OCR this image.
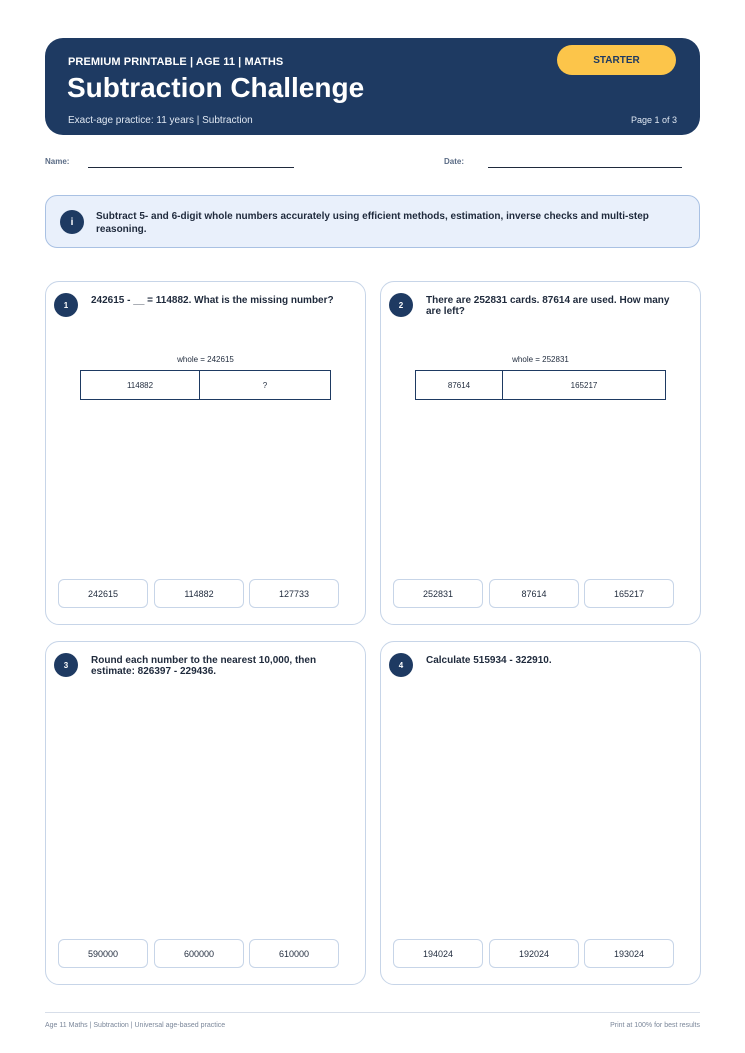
PREMIUM PRINTABLE | AGE 11 | MATHS
Subtraction Challenge
Exact-age practice: 11 years | Subtraction	Page 1 of 3
STARTER
Name:	Date:
i	Subtract 5- and 6-digit whole numbers accurately using efficient methods, estimation, inverse checks and multi-step reasoning.
1	242615 - __ = 114882. What is the missing number?
whole = 242615
114882	?
242615	114882	127733
2	There are 252831 cards. 87614 are used. How many are left?
whole = 252831
87614	165217
252831	87614	165217
3	Round each number to the nearest 10,000, then estimate: 826397 - 229436.
590000	600000	610000
4	Calculate 515934 - 322910.
194024	192024	193024
Age 11 Maths | Subtraction | Universal age-based practice	Print at 100% for best results
